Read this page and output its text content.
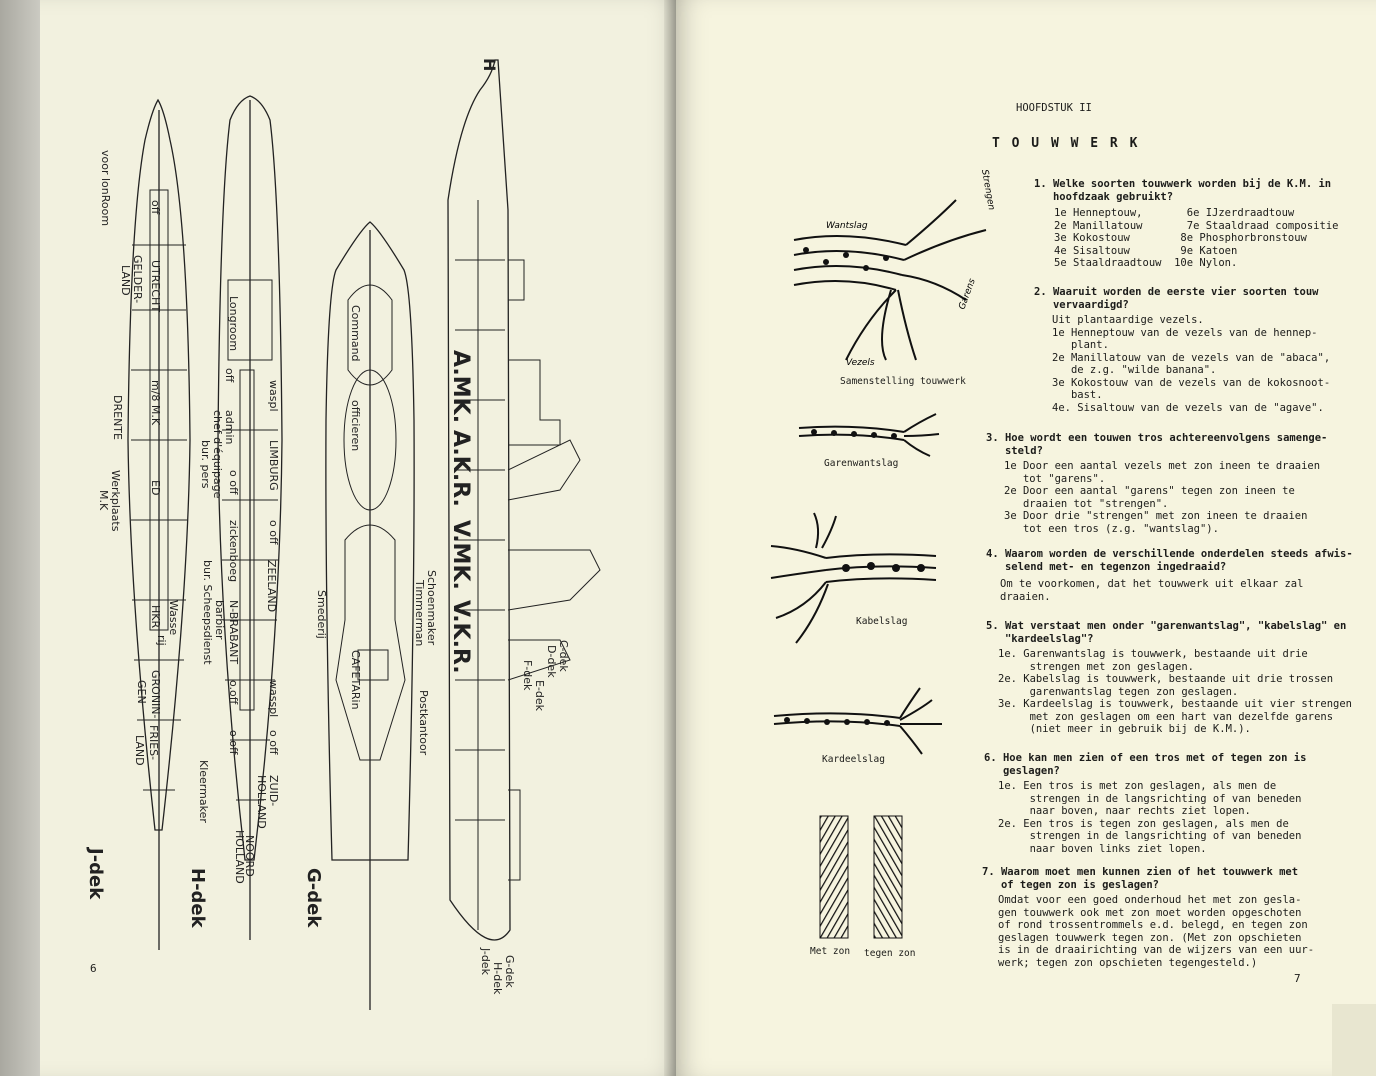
voor lonRoom
J-dek	H-dek	G-dek
off
UTRECHT
GELDER-
LAND
DRENTE m/8 M.K
ED
Werkplaats
M.K
HKR Wasse
rij
GRONIN-
GEN
FRIES-
LAND
Longroom
off
admin
chef d'équipage
bur. pers
waspl
LIMBURG
o off
o off
ZEELAND
zickenboeg
N-BRABANT
barbier
bur. Scheepsdienst
o.off wasspl
o off
o off
ZUID-
HOLLAND
NOORD
HOLLAND
Kleermaker
Command
officieren
Smederij	Schoenmaker
Timmerman
CAFETARin
Postkantoor
H
A.MK.
A.K.R.
V.MK.
V.K.R.	C-dek
D-dek
E-dek
F-dek
G-dek
H-dek
J-dek
6
HOOFDSTUK II
T O U W W E R K
Wantslag
Strengen
Garens
Vezels
Samenstelling touwwerk
Garenwantslag
Kabelslag
Kardeelslag
Met zon tegen zon
1. Welke soorten touwwerk worden bij de K.M. in
hoofdzaak gebruikt?
1e Henneptouw,       6e IJzerdraadtouw
2e Manillatouw       7e Staaldraad compositie
3e Kokostouw        8e Phosphorbronstouw
4e Sisaltouw        9e Katoen
5e Staaldraadtouw  10e Nylon.
2. Waaruit worden de eerste vier soorten touw
vervaardigd?
Uit plantaardige vezels.
1e Henneptouw van de vezels van de hennep-
plant.
2e Manillatouw van de vezels van de "abaca",
de z.g. "wilde banana".
3e Kokostouw van de vezels van de kokosnoot-
bast.
4e. Sisaltouw van de vezels van de "agave".
3. Hoe wordt een touwen tros achtereenvolgens samenge-
steld?
1e Door een aantal vezels met zon ineen te draaien
tot "garens".
2e Door een aantal "garens" tegen zon ineen te
draaien tot "strengen".
3e Door drie "strengen" met zon ineen te draaien
tot een tros (z.g. "wantslag").
4. Waarom worden de verschillende onderdelen steeds afwis-
selend met- en tegenzon ingedraaid?
Om te voorkomen, dat het touwwerk uit elkaar zal
draaien.
5. Wat verstaat men onder "garenwantslag", "kabelslag" en
"kardeelslag"?
1e. Garenwantslag is touwwerk, bestaande uit drie
strengen met zon geslagen.
2e. Kabelslag is touwwerk, bestaande uit drie trossen
garenwantslag tegen zon geslagen.
3e. Kardeelslag is touwwerk, bestaande uit vier strengen
met zon geslagen om een hart van dezelfde garens
(niet meer in gebruik bij de K.M.).
6. Hoe kan men zien of een tros met of tegen zon is
geslagen?
1e. Een tros is met zon geslagen, als men de
strengen in de langsrichting of van beneden
naar boven, naar rechts ziet lopen.
2e. Een tros is tegen zon geslagen, als men de
strengen in de langsrichting of van beneden
naar boven links ziet lopen.
7. Waarom moet men kunnen zien of het touwwerk met
of tegen zon is geslagen?
Omdat voor een goed onderhoud het met zon gesla-
gen touwwerk ook met zon moet worden opgeschoten
of rond trossentrommels e.d. belegd, en tegen zon
geslagen touwwerk tegen zon. (Met zon opschieten
is in de draairichting van de wijzers van een uur-
werk; tegen zon opschieten tegengesteld.)
7
